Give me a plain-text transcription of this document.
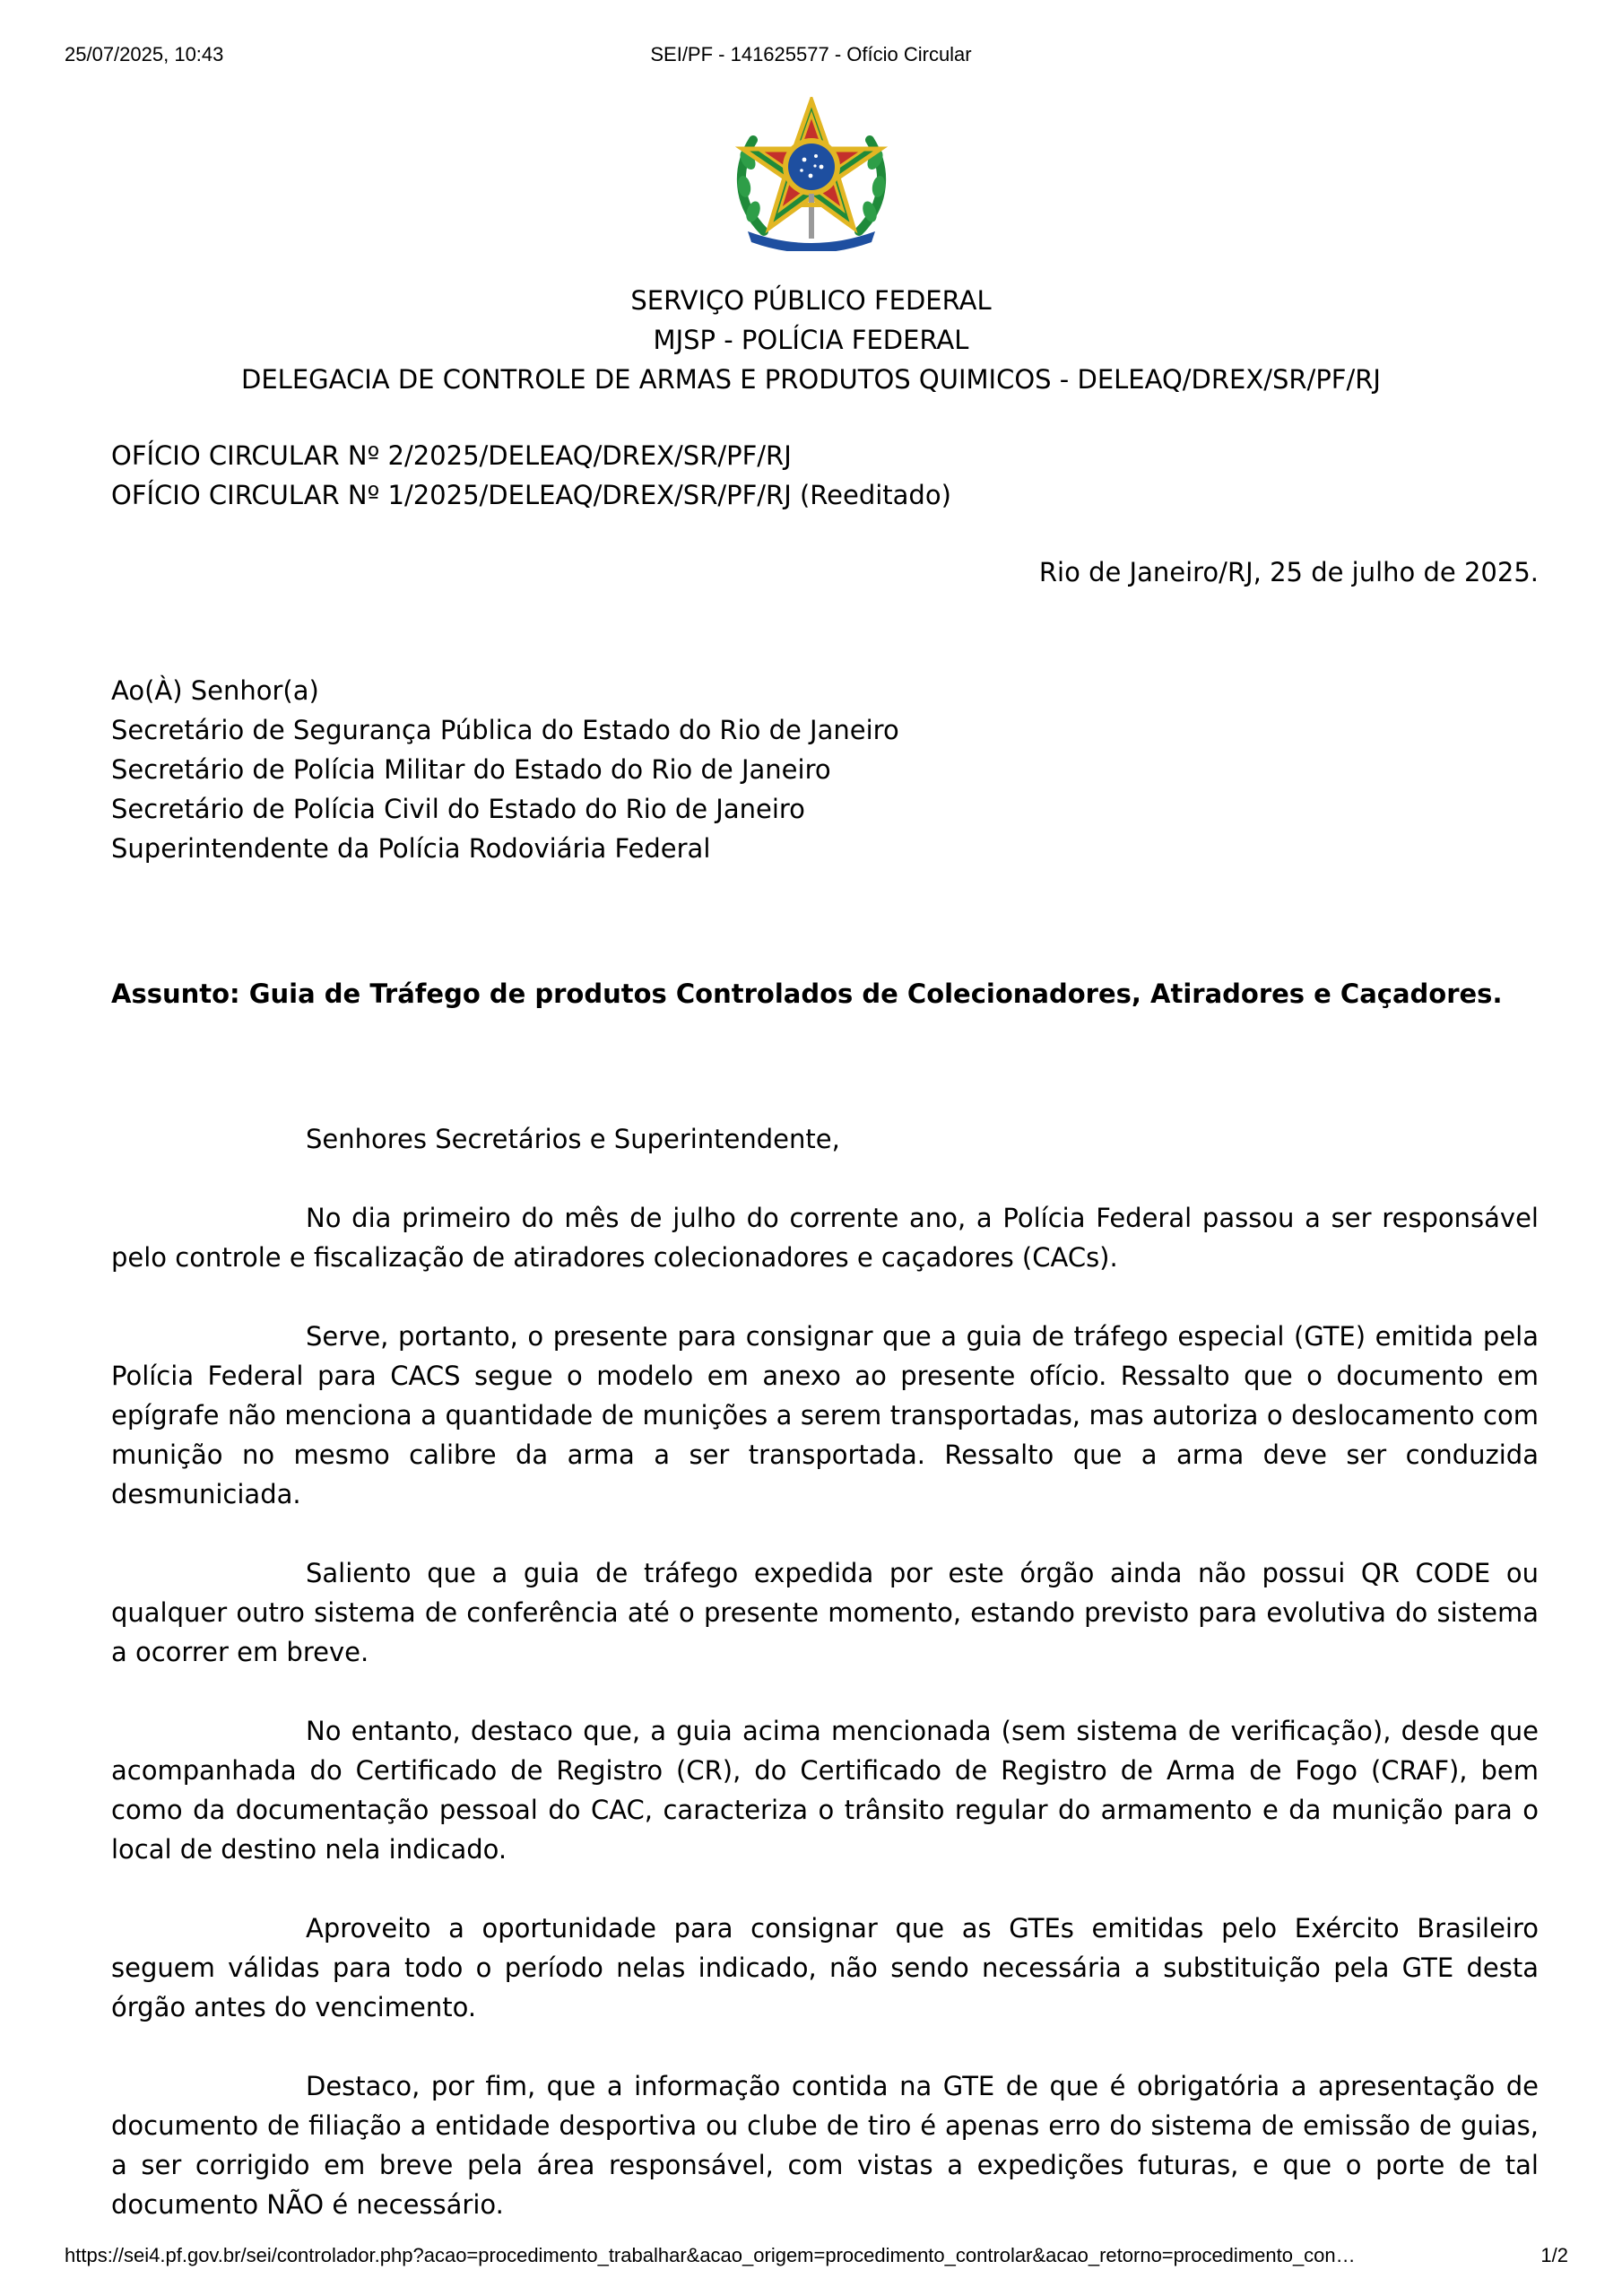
25/07/2025, 10:43	SEI/PF - 141625577 - Ofício Circular
SERVIÇO PÚBLICO FEDERAL
MJSP - POLÍCIA FEDERAL
DELEGACIA DE CONTROLE DE ARMAS E PRODUTOS QUIMICOS - DELEAQ/DREX/SR/PF/RJ
OFÍCIO CIRCULAR Nº 2/2025/DELEAQ/DREX/SR/PF/RJ
OFÍCIO CIRCULAR Nº 1/2025/DELEAQ/DREX/SR/PF/RJ (Reeditado)
Rio de Janeiro/RJ, 25 de julho de 2025.
Ao(À) Senhor(a)
Secretário de Segurança Pública do Estado do Rio de Janeiro
Secretário de Polícia Militar do Estado do Rio de Janeiro
Secretário de Polícia Civil do Estado do Rio de Janeiro
Superintendente da Polícia Rodoviária Federal
Assunto: Guia de Tráfego de produtos Controlados de Colecionadores, Atiradores e Caçadores.

Senhores Secretários e Superintendente,

No dia primeiro do mês de julho do corrente ano, a Polícia Federal passou a ser responsável pelo controle e fiscalização de atiradores colecionadores e caçadores (CACs).

Serve, portanto, o presente para consignar que a guia de tráfego especial (GTE) emitida pela Polícia Federal para CACS segue o modelo em anexo ao presente ofício. Ressalto que o documento em epígrafe não menciona a quantidade de munições a serem transportadas, mas autoriza o deslocamento com munição no mesmo calibre da arma a ser transportada. Ressalto que a arma deve ser conduzida desmuniciada.

Saliento que a guia de tráfego expedida por este órgão ainda não possui QR CODE ou qualquer outro sistema de conferência até o presente momento, estando previsto para evolutiva do sistema a ocorrer em breve.

No entanto, destaco que, a guia acima mencionada (sem sistema de verificação), desde que acompanhada do Certificado de Registro (CR), do Certificado de Registro de Arma de Fogo (CRAF), bem como da documentação pessoal do CAC, caracteriza o trânsito regular do armamento e da munição para o local de destino nela indicado.

Aproveito a oportunidade para consignar que as GTEs emitidas pelo Exército Brasileiro seguem válidas para todo o período nelas indicado, não sendo necessária a substituição pela GTE desta órgão antes do vencimento.

Destaco, por fim, que a informação contida na GTE de que é obrigatória a apresentação de documento de filiação a entidade desportiva ou clube de tiro é apenas erro do sistema de emissão de guias, a ser corrigido em breve pela área responsável, com vistas a expedições futuras, e que o porte de tal documento NÃO é necessário.

https://sei4.pf.gov.br/sei/controlador.php?acao=procedimento_trabalhar&acao_origem=procedimento_controlar&acao_retorno=procedimento_con…	1/2
